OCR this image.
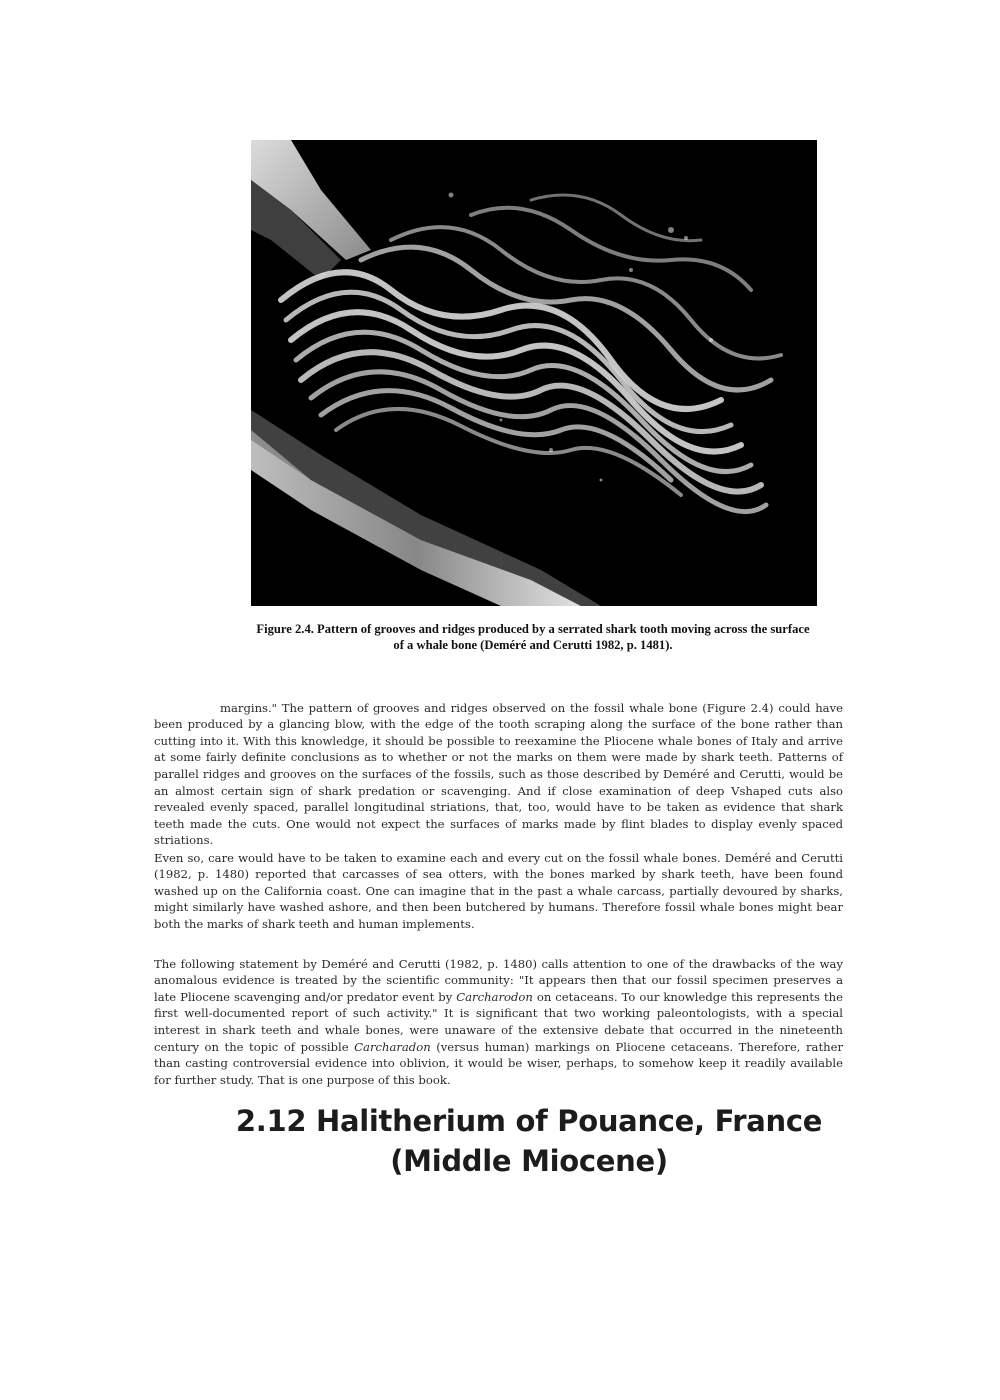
Figure 2.4. Pattern of grooves and ridges produced by a serrated shark tooth moving across the surface
of a whale bone (Deméré and Cerutti 1982, p. 1481).

margins." The pattern of grooves and ridges observed on the fossil whale bone (Figure 2.4) could have been produced by a glancing blow, with the edge of the tooth scraping along the surface of the bone rather than cutting into it. With this knowledge, it should be possible to reexamine the Pliocene whale bones of Italy and arrive at some fairly definite conclusions as to whether or not the marks on them were made by shark teeth. Patterns of parallel ridges and grooves on the surfaces of the fossils, such as those described by Deméré and Cerutti, would be an almost certain sign of shark predation or scavenging. And if close examination of deep Vshaped cuts also revealed evenly spaced, parallel longitudinal striations, that, too, would have to be taken as evidence that shark teeth made the cuts. One would not expect the surfaces of marks made by flint blades to display evenly spaced striations.

Even so, care would have to be taken to examine each and every cut on the fossil whale bones. Deméré and Cerutti (1982, p. 1480) reported that carcasses of sea otters, with the bones marked by shark teeth, have been found washed up on the California coast. One can imagine that in the past a whale carcass, partially devoured by sharks, might similarly have washed ashore, and then been butchered by humans. Therefore fossil whale bones might bear both the marks of shark teeth and human implements.

The following statement by Deméré and Cerutti (1982, p. 1480) calls attention to one of the drawbacks of the way anomalous evidence is treated by the scientific community: "It appears then that our fossil specimen preserves a late Pliocene scavenging and/or predator event by Carcharodon on cetaceans. To our knowledge this represents the first well-documented report of such activity." It is significant that two working paleontologists, with a special interest in shark teeth and whale bones, were unaware of the extensive debate that occurred in the nineteenth century on the topic of possible Carcharadon (versus human) markings on Pliocene cetaceans. Therefore, rather than casting controversial evidence into oblivion, it would be wiser, perhaps, to somehow keep it readily available for further study. That is one purpose of this book.

2.12 Halitherium of Pouance, France
(Middle Miocene)
